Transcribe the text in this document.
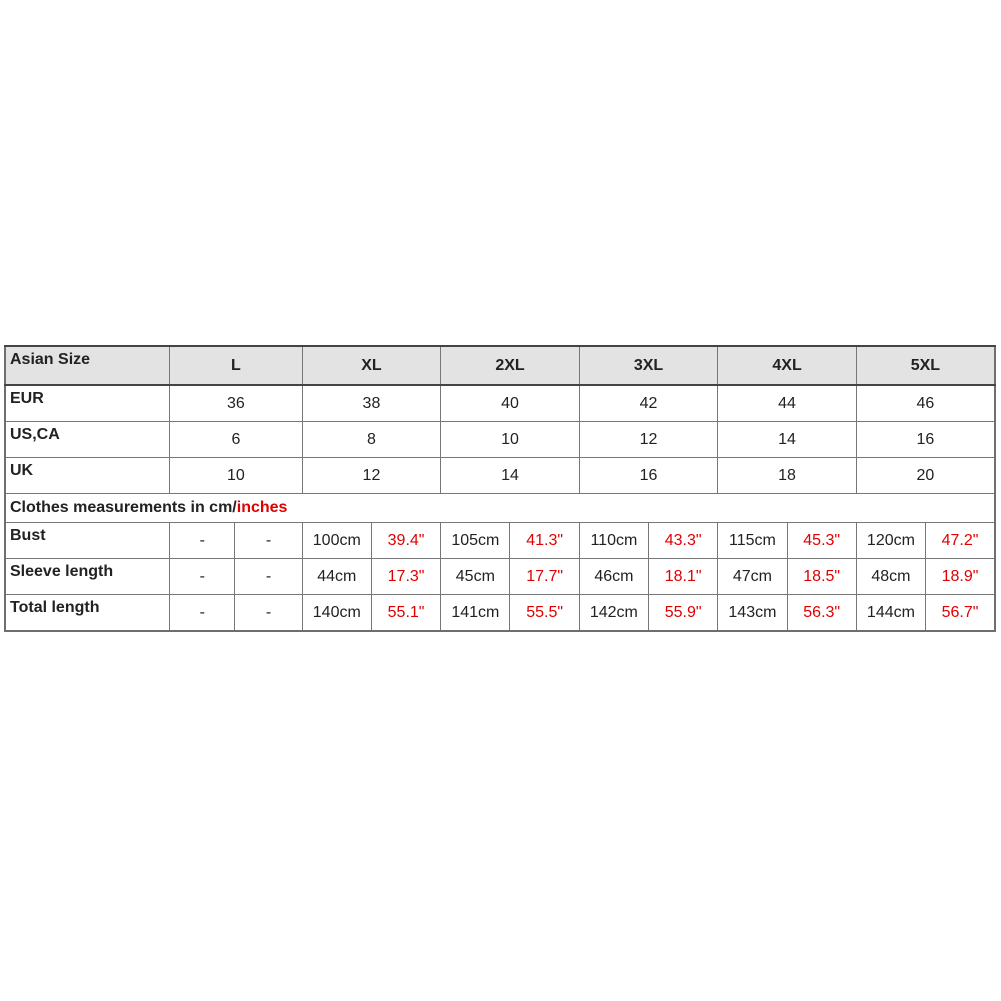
Asian Size	L		XL		2XL		3XL		4XL		5XL	
EUR	36		38		40		42		44		46	
US,CA	6		8		10		12		14		16	
UK	10		12		14		16		18		20	
Clothes measurements in cm/inches												
Bust	-	-	100cm	39.4"	105cm	41.3"	110cm	43.3"	115cm	45.3"	120cm	47.2"
Sleeve length	-	-	44cm	17.3"	45cm	17.7"	46cm	18.1"	47cm	18.5"	48cm	18.9"
Total length	-	-	140cm	55.1"	141cm	55.5"	142cm	55.9"	143cm	56.3"	144cm	56.7"
